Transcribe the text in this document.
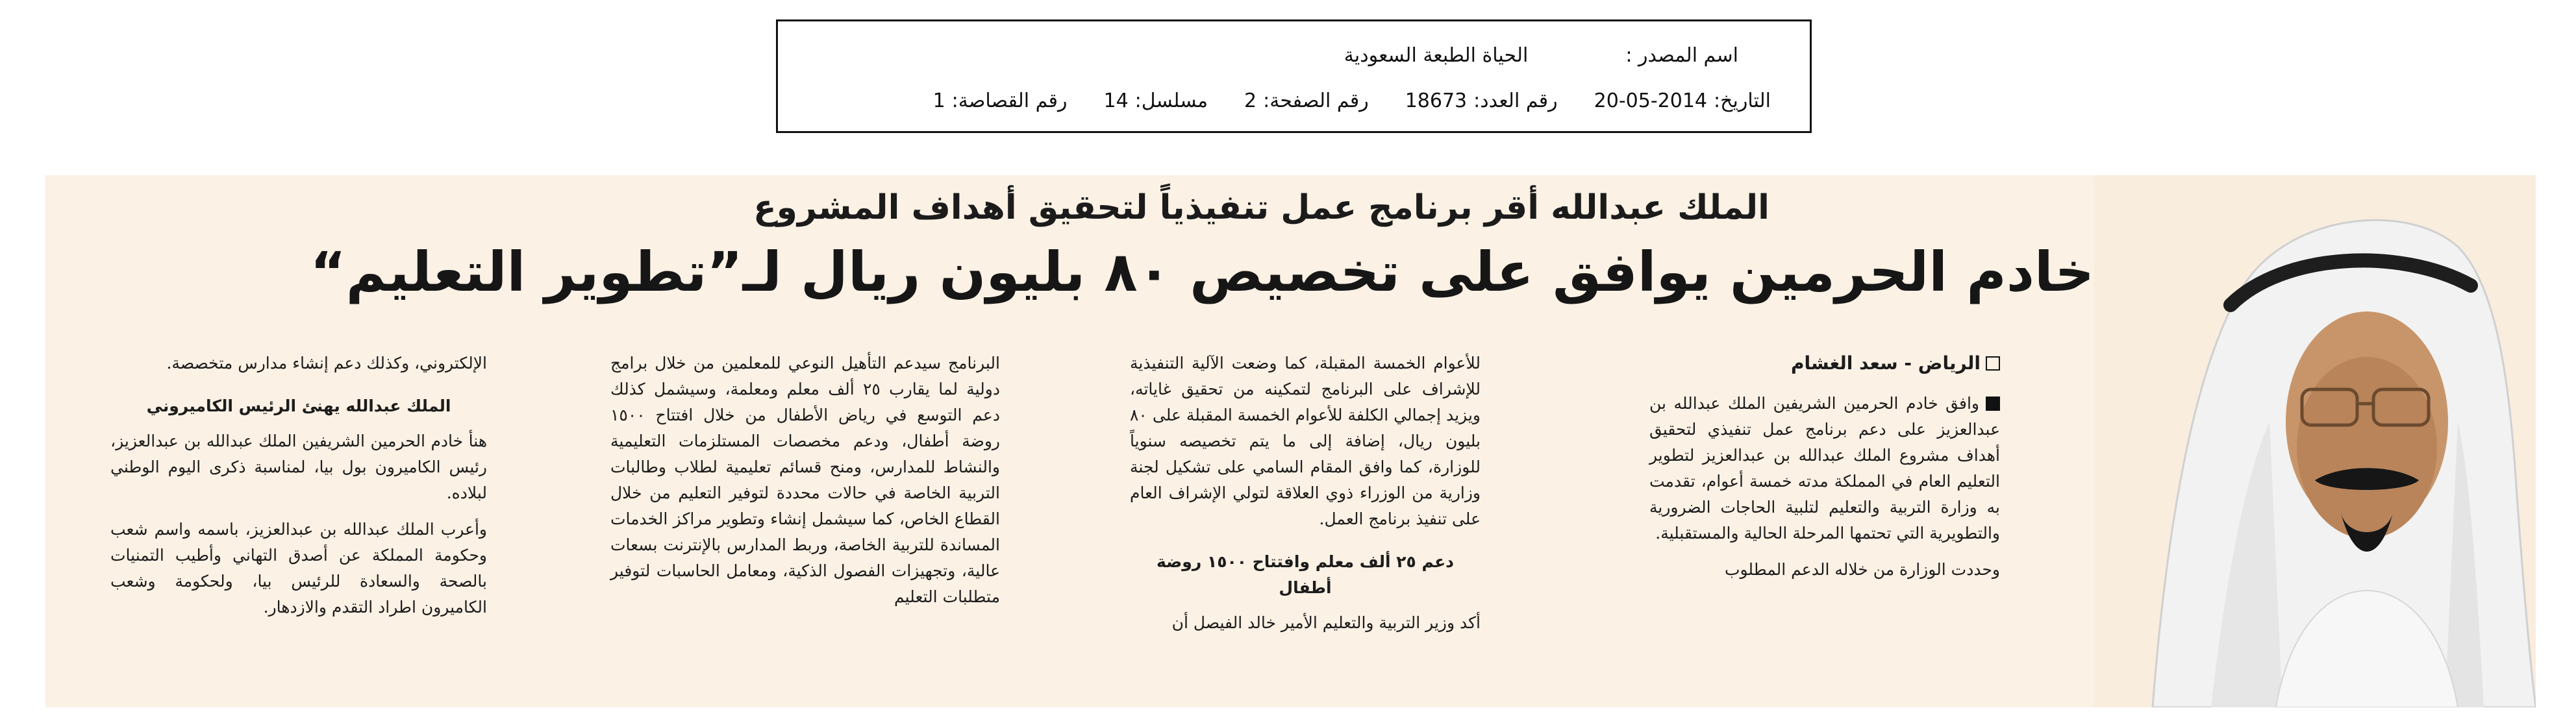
اسم المصدر :
الحياة الطبعة السعودية
التاريخ:2014-05-20
رقم العدد:18673
رقم الصفحة:2
مسلسل:14
رقم القصاصة:1
الملك عبدالله أقر برنامج عمل تنفيذياً لتحقيق أهداف المشروع
خادم الحرمين يوافق على تخصيص ٨٠ بليون ريال لـ”تطوير التعليم“
الرياض - سعد الغشام

وافق خادم الحرمين الشريفين الملك عبدالله بن عبدالعزيز على دعم برنامج عمل تنفيذي لتحقيق أهداف مشروع الملك عبدالله بن عبدالعزيز لتطوير التعليم العام في المملكة مدته خمسة أعوام، تقدمت به وزارة التربية والتعليم لتلبية الحاجات الضرورية والتطويرية التي تحتمها المرحلة الحالية والمستقبلية.

وحددت الوزارة من خلاله الدعم المطلوب

للأعوام الخمسة المقبلة، كما وضعت الآلية التنفيذية للإشراف على البرنامج لتمكينه من تحقيق غاياته، ويزيد إجمالي الكلفة للأعوام الخمسة المقبلة على ٨٠ بليون ريال، إضافة إلى ما يتم تخصيصه سنوياً للوزارة، كما وافق المقام السامي على تشكيل لجنة وزارية من الوزراء ذوي العلاقة لتولي الإشراف العام على تنفيذ برنامج العمل.

دعم ٢٥ ألف معلم وافتتاح ١٥٠٠ روضة أطفال

أكد وزير التربية والتعليم الأمير خالد الفيصل أن

البرنامج سيدعم التأهيل النوعي للمعلمين من خلال برامج دولية لما يقارب ٢٥ ألف معلم ومعلمة، وسيشمل كذلك دعم التوسع في رياض الأطفال من خلال افتتاح ١٥٠٠ روضة أطفال، ودعم مخصصات المستلزمات التعليمية والنشاط للمدارس، ومنح قسائم تعليمية لطلاب وطالبات التربية الخاصة في حالات محددة لتوفير التعليم من خلال القطاع الخاص، كما سيشمل إنشاء وتطوير مراكز الخدمات المساندة للتربية الخاصة، وربط المدارس بالإنترنت بسعات عالية، وتجهيزات الفصول الذكية، ومعامل الحاسبات لتوفير متطلبات التعليم

الإلكتروني، وكذلك دعم إنشاء مدارس متخصصة.

الملك عبدالله يهنئ الرئيس الكاميروني

هنأ خادم الحرمين الشريفين الملك عبدالله بن عبدالعزيز، رئيس الكاميرون بول بيا، لمناسبة ذكرى اليوم الوطني لبلاده.

وأعرب الملك عبدالله بن عبدالعزيز، باسمه واسم شعب وحكومة المملكة عن أصدق التهاني وأطيب التمنيات بالصحة والسعادة للرئيس بيا، ولحكومة وشعب الكاميرون اطراد التقدم والازدهار.
